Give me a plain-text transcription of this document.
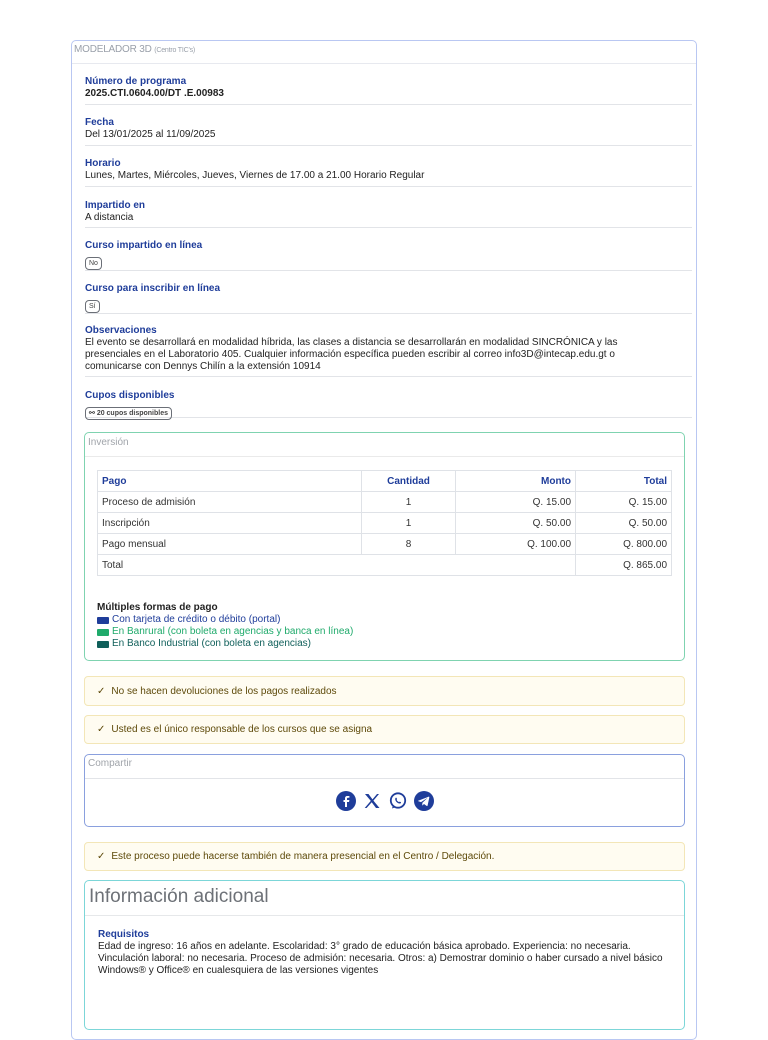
MODELADOR 3D (Centro TIC's)
Número de programa
2025.CTI.0604.00/DT .E.00983
Fecha
Del 13/01/2025 al 11/09/2025
Horario
Lunes, Martes, Miércoles, Jueves, Viernes de 17.00 a 21.00 Horario Regular
Impartido en
A distancia
Curso impartido en línea
No
Curso para inscribir en línea
Sí
Observaciones
El evento se desarrollará en modalidad híbrida, las clases a distancia se desarrollarán en modalidad SINCRÓNICA y las presenciales en el Laboratorio 405. Cualquier información específica pueden escribir al correo info3D@intecap.edu.gt o comunicarse con Dennys Chilín a la extensión 10914
Cupos disponibles
⚯ 20 cupos disponibles
Inversión
Pago	Cantidad	Monto	Total
Proceso de admisión	1	Q. 15.00	Q. 15.00
Inscripción	1	Q. 50.00	Q. 50.00
Pago mensual	8	Q. 100.00	Q. 800.00
Total			Q. 865.00
Múltiples formas de pago
Con tarjeta de crédito o débito (portal)
En Banrural (con boleta en agencias y banca en línea)
En Banco Industrial (con boleta en agencias)
✓ No se hacen devoluciones de los pagos realizados
✓ Usted es el único responsable de los cursos que se asigna
Compartir
✓ Este proceso puede hacerse también de manera presencial en el Centro / Delegación.
Información adicional
Requisitos
Edad de ingreso: 16 años en adelante. Escolaridad: 3° grado de educación básica aprobado. Experiencia: no necesaria. Vinculación laboral: no necesaria. Proceso de admisión: necesaria. Otros: a) Demostrar dominio o haber cursado a nivel básico Windows® y Office® en cualesquiera de las versiones vigentes
